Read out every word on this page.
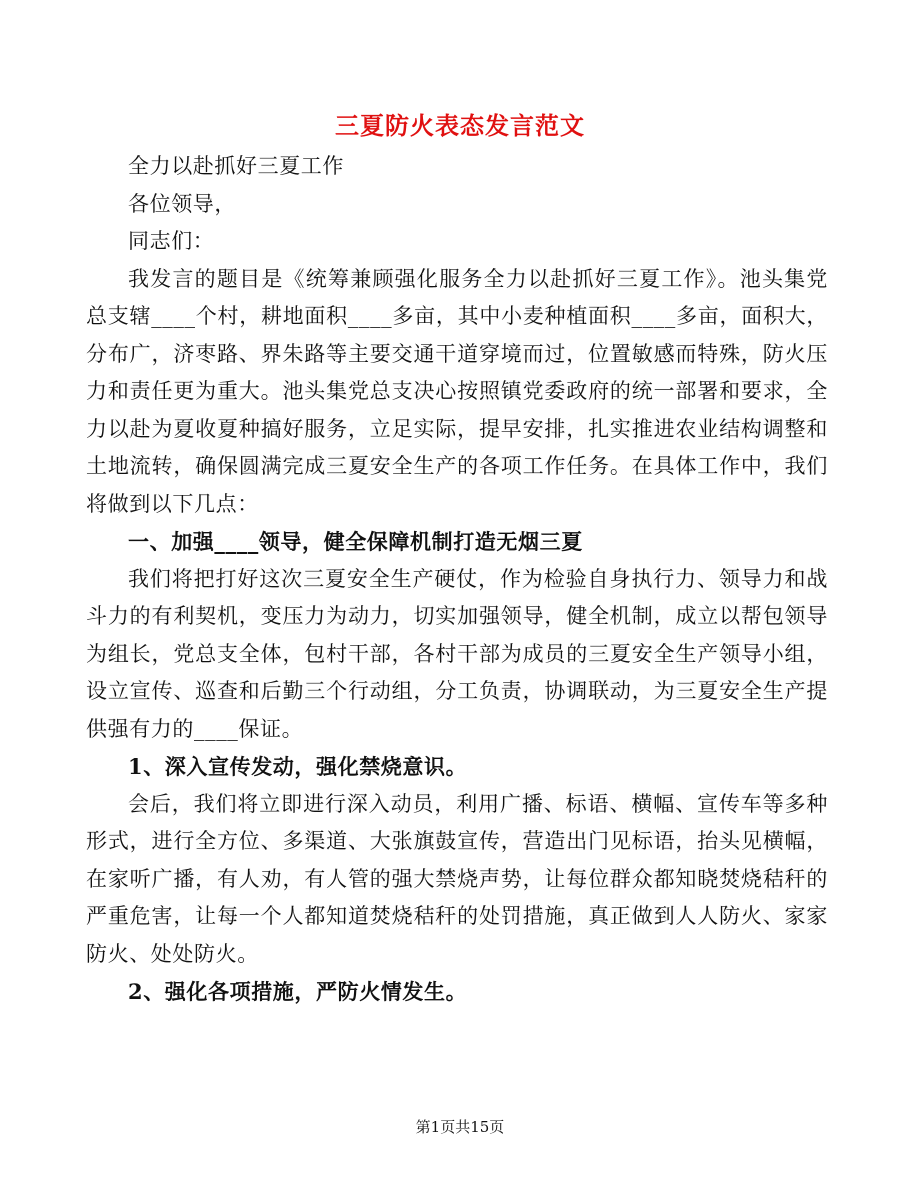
三夏防火表态发言范文

全力以赴抓好三夏工作

各位领导，

同志们：

我发言的题目是《统筹兼顾强化服务全力以赴抓好三夏工作》。池头集党总支辖____个村，耕地面积____多亩，其中小麦种植面积____多亩，面积大，分布广，济枣路、界朱路等主要交通干道穿境而过，位置敏感而特殊，防火压力和责任更为重大。池头集党总支决心按照镇党委政府的统一部署和要求，全力以赴为夏收夏种搞好服务，立足实际，提早安排，扎实推进农业结构调整和土地流转，确保圆满完成三夏安全生产的各项工作任务。在具体工作中，我们将做到以下几点：

一、加强____领导，健全保障机制打造无烟三夏

我们将把打好这次三夏安全生产硬仗，作为检验自身执行力、领导力和战斗力的有利契机，变压力为动力，切实加强领导，健全机制，成立以帮包领导为组长，党总支全体，包村干部，各村干部为成员的三夏安全生产领导小组，设立宣传、巡查和后勤三个行动组，分工负责，协调联动，为三夏安全生产提供强有力的____保证。

1、深入宣传发动，强化禁烧意识。

会后，我们将立即进行深入动员，利用广播、标语、横幅、宣传车等多种形式，进行全方位、多渠道、大张旗鼓宣传，营造出门见标语，抬头见横幅，在家听广播，有人劝，有人管的强大禁烧声势，让每位群众都知晓焚烧秸秆的严重危害，让每一个人都知道焚烧秸秆的处罚措施，真正做到人人防火、家家防火、处处防火。

2、强化各项措施，严防火情发生。

第1页共15页
